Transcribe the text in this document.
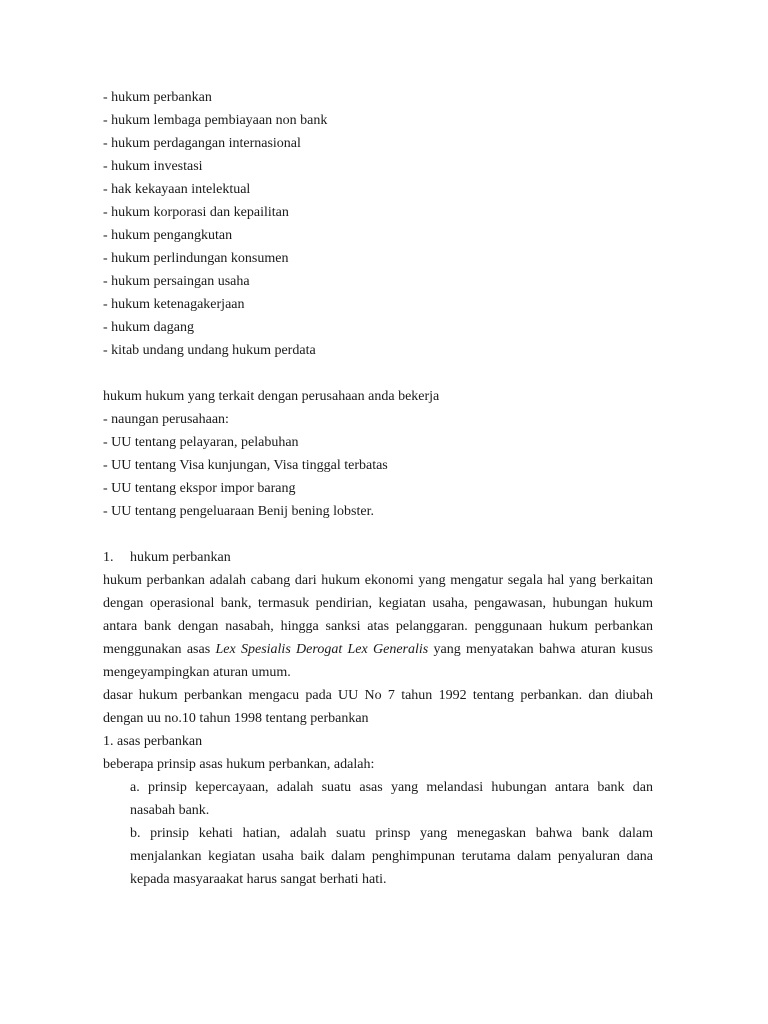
- hukum perbankan
- hukum lembaga pembiayaan non bank
- hukum perdagangan internasional
- hukum investasi
- hak kekayaan intelektual
- hukum korporasi dan kepailitan
- hukum pengangkutan
- hukum perlindungan konsumen
- hukum persaingan usaha
- hukum ketenagakerjaan
- hukum dagang
- kitab undang undang hukum perdata
hukum hukum yang terkait dengan perusahaan anda bekerja
- naungan perusahaan:
- UU tentang pelayaran, pelabuhan
- UU tentang Visa kunjungan, Visa tinggal terbatas
- UU tentang ekspor impor barang
- UU tentang pengeluaraan Benij bening lobster.
1. hukum perbankan
hukum perbankan adalah cabang dari hukum ekonomi yang mengatur segala hal yang berkaitan
dengan operasional bank, termasuk pendirian, kegiatan usaha, pengawasan, hubungan hukum
antara bank dengan nasabah, hingga sanksi atas pelanggaran. penggunaan hukum perbankan
menggunakan asas Lex Spesialis Derogat Lex Generalis yang menyatakan bahwa aturan kusus
mengeyampingkan aturan umum.
dasar hukum perbankan mengacu pada UU No 7 tahun 1992 tentang perbankan. dan diubah
dengan uu no.10 tahun 1998 tentang perbankan
1. asas perbankan
beberapa prinsip asas hukum perbankan, adalah:
a. prinsip kepercayaan, adalah suatu asas yang melandasi hubungan antara bank dan
nasabah bank.
b. prinsip kehati hatian, adalah suatu prinsp yang menegaskan bahwa bank dalam
menjalankan kegiatan usaha baik dalam penghimpunan terutama dalam penyaluran dana
kepada masyaraakat harus sangat berhati hati.
